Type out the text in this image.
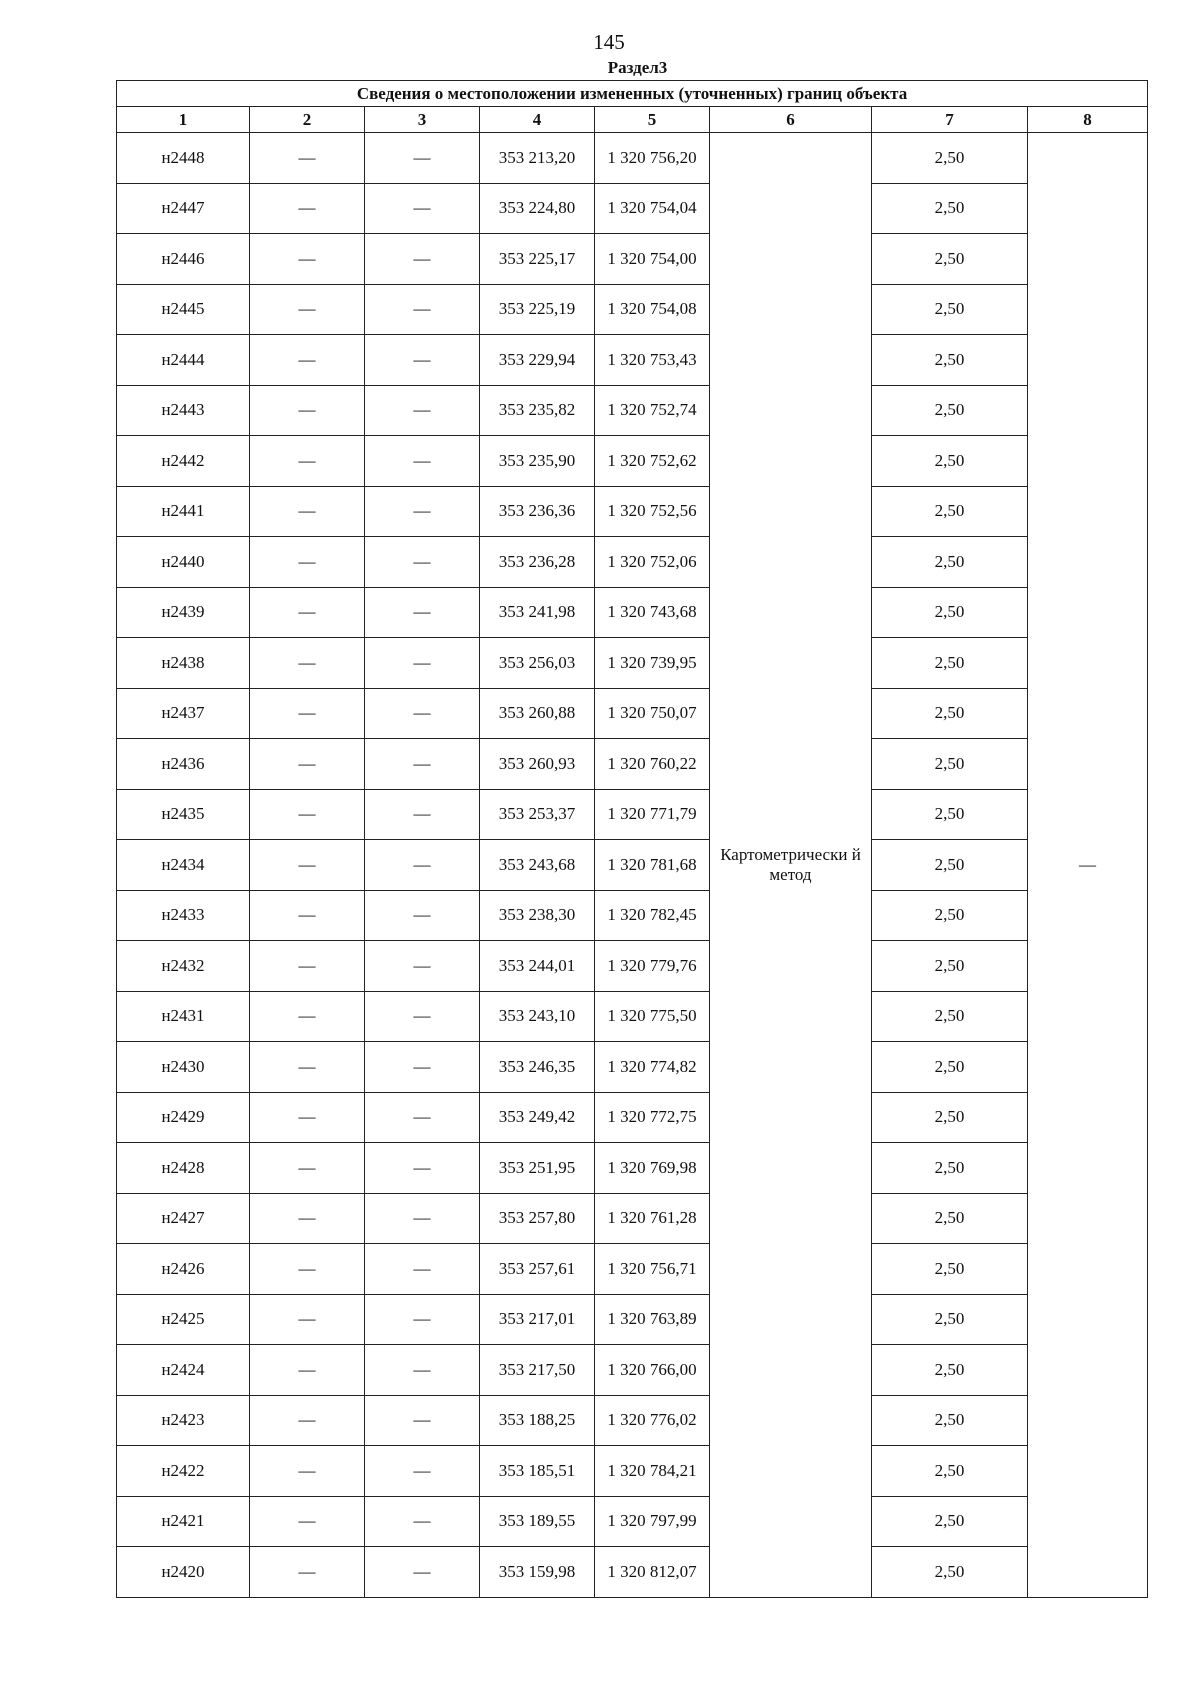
145
Раздел3
Сведения о местоположении измененных (уточненных) границ объекта							
1	2	3	4	5	6	7	8
н2448	—	—	353 213,20	1 320 756,20	Картометрически й метод	2,50	—
н2447	—	—	353 224,80	1 320 754,04		2,50	
н2446	—	—	353 225,17	1 320 754,00		2,50	
н2445	—	—	353 225,19	1 320 754,08		2,50	
н2444	—	—	353 229,94	1 320 753,43		2,50	
н2443	—	—	353 235,82	1 320 752,74		2,50	
н2442	—	—	353 235,90	1 320 752,62		2,50	
н2441	—	—	353 236,36	1 320 752,56		2,50	
н2440	—	—	353 236,28	1 320 752,06		2,50	
н2439	—	—	353 241,98	1 320 743,68		2,50	
н2438	—	—	353 256,03	1 320 739,95		2,50	
н2437	—	—	353 260,88	1 320 750,07		2,50	
н2436	—	—	353 260,93	1 320 760,22		2,50	
н2435	—	—	353 253,37	1 320 771,79		2,50	
н2434	—	—	353 243,68	1 320 781,68		2,50	
н2433	—	—	353 238,30	1 320 782,45		2,50	
н2432	—	—	353 244,01	1 320 779,76		2,50	
н2431	—	—	353 243,10	1 320 775,50		2,50	
н2430	—	—	353 246,35	1 320 774,82		2,50	
н2429	—	—	353 249,42	1 320 772,75		2,50	
н2428	—	—	353 251,95	1 320 769,98		2,50	
н2427	—	—	353 257,80	1 320 761,28		2,50	
н2426	—	—	353 257,61	1 320 756,71		2,50	
н2425	—	—	353 217,01	1 320 763,89		2,50	
н2424	—	—	353 217,50	1 320 766,00		2,50	
н2423	—	—	353 188,25	1 320 776,02		2,50	
н2422	—	—	353 185,51	1 320 784,21		2,50	
н2421	—	—	353 189,55	1 320 797,99		2,50	
н2420	—	—	353 159,98	1 320 812,07		2,50	
